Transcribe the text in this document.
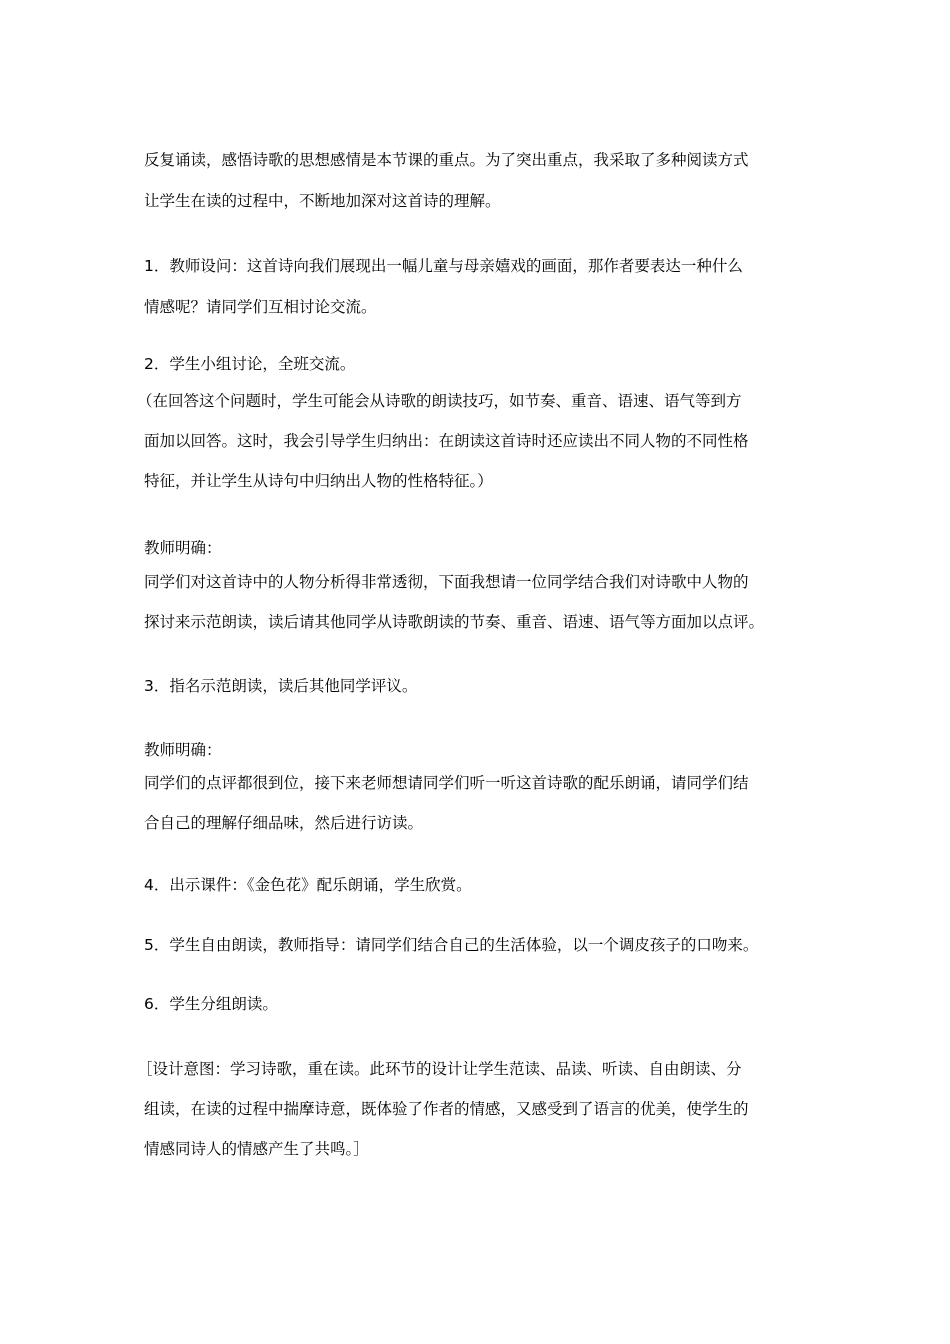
反复诵读，感悟诗歌的思想感情是本节课的重点。为了突出重点，我采取了多种阅读方式
让学生在读的过程中，不断地加深对这首诗的理解。
1．教师设问：这首诗向我们展现出一幅儿童与母亲嬉戏的画面，那作者要表达一种什么
情感呢？请同学们互相讨论交流。
2．学生小组讨论，全班交流。
（在回答这个问题时，学生可能会从诗歌的朗读技巧，如节奏、重音、语速、语气等到方
面加以回答。这时，我会引导学生归纳出：在朗读这首诗时还应读出不同人物的不同性格
特征，并让学生从诗句中归纳出人物的性格特征。）
教师明确：
同学们对这首诗中的人物分析得非常透彻，下面我想请一位同学结合我们对诗歌中人物的
探讨来示范朗读，读后请其他同学从诗歌朗读的节奏、重音、语速、语气等方面加以点评。
3．指名示范朗读，读后其他同学评议。
教师明确：
同学们的点评都很到位，接下来老师想请同学们听一听这首诗歌的配乐朗诵，请同学们结
合自己的理解仔细品味，然后进行访读。
4．出示课件：《金色花》配乐朗诵，学生欣赏。
5．学生自由朗读，教师指导：请同学们结合自己的生活体验，以一个调皮孩子的口吻来。
6．学生分组朗读。
［设计意图：学习诗歌，重在读。此环节的设计让学生范读、品读、听读、自由朗读、分
组读，在读的过程中揣摩诗意，既体验了作者的情感，又感受到了语言的优美，使学生的
情感同诗人的情感产生了共鸣。］
